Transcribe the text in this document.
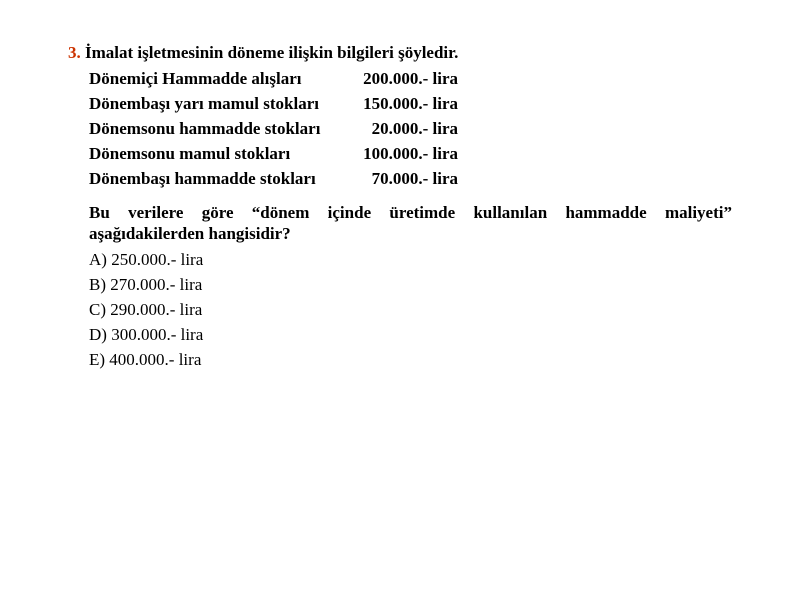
3. İmalat işletmesinin döneme ilişkin bilgileri şöyledir.
Dönemiçi Hammadde alışları	200.000.- lira
Dönembaşı yarı mamul stokları	150.000.- lira
Dönemsonu hammadde stokları	20.000.- lira
Dönemsonu mamul stokları	100.000.- lira
Dönembaşı hammadde stokları	70.000.- lira
Bu verilere göre “dönem içinde üretimde kullanılan hammadde maliyeti” aşağıdakilerden hangisidir?
A) 250.000.- lira
B) 270.000.- lira
C) 290.000.- lira
D) 300.000.- lira
E) 400.000.- lira
